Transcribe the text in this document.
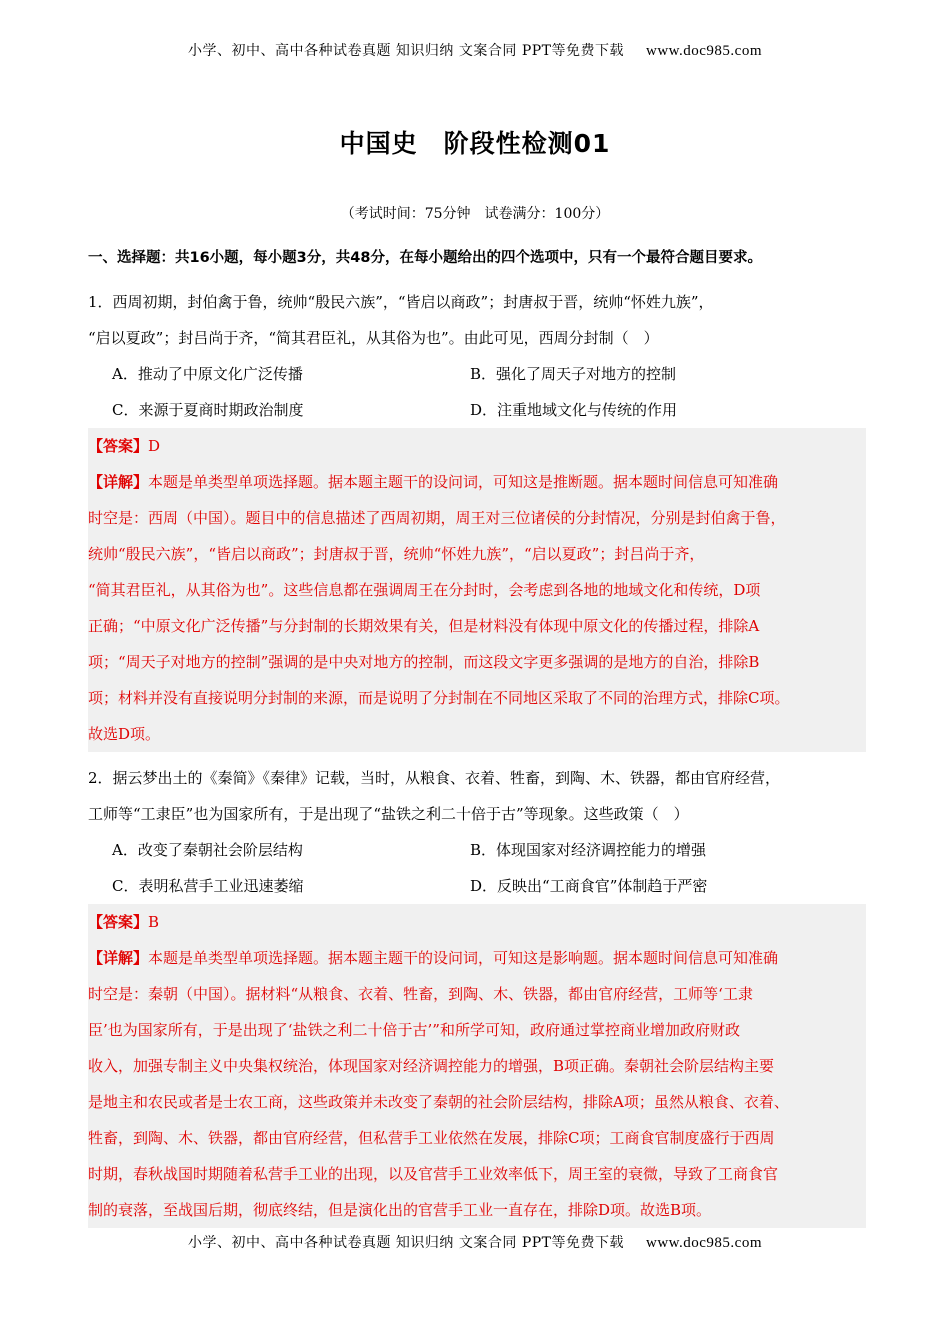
小学、初中、高中各种试卷真题 知识归纳 文案合同 PPT等免费下载 www.doc985.com
中国史　阶段性检测01
（考试时间：75分钟　试卷满分：100分）
一、选择题：共16小题，每小题3分，共48分，在每小题给出的四个选项中，只有一个最符合题目要求。
1．西周初期，封伯禽于鲁，统帅“殷民六族”，“皆启以商政”；封唐叔于晋，统帅“怀姓九族”，
“启以夏政”；封吕尚于齐，“简其君臣礼，从其俗为也”。由此可见，西周分封制（　）
A．推动了中原文化广泛传播	B．强化了周天子对地方的控制
C．来源于夏商时期政治制度	D．注重地域文化与传统的作用
【答案】D
【详解】本题是单类型单项选择题。据本题主题干的设问词，可知这是推断题。据本题时间信息可知准确
时空是：西周（中国）。题目中的信息描述了西周初期，周王对三位诸侯的分封情况，分别是封伯禽于鲁，
统帅“殷民六族”，“皆启以商政”；封唐叔于晋，统帅“怀姓九族”，“启以夏政”；封吕尚于齐，
“简其君臣礼，从其俗为也”。这些信息都在强调周王在分封时，会考虑到各地的地域文化和传统，D项
正确；“中原文化广泛传播”与分封制的长期效果有关，但是材料没有体现中原文化的传播过程，排除A
项；“周天子对地方的控制”强调的是中央对地方的控制，而这段文字更多强调的是地方的自治，排除B
项；材料并没有直接说明分封制的来源，而是说明了分封制在不同地区采取了不同的治理方式，排除C项。
故选D项。
2．据云梦出土的《秦简》《秦律》记载，当时，从粮食、衣着、牲畜，到陶、木、铁器，都由官府经营，
工师等“工隶臣”也为国家所有，于是出现了“盐铁之利二十倍于古”等现象。这些政策（　）
A．改变了秦朝社会阶层结构	B．体现国家对经济调控能力的增强
C．表明私营手工业迅速萎缩	D．反映出“工商食官”体制趋于严密
【答案】B
【详解】本题是单类型单项选择题。据本题主题干的设问词，可知这是影响题。据本题时间信息可知准确
时空是：秦朝（中国）。据材料“从粮食、衣着、牲畜，到陶、木、铁器，都由官府经营，工师等‘工隶
臣’也为国家所有，于是出现了‘盐铁之利二十倍于古’”和所学可知，政府通过掌控商业增加政府财政
收入，加强专制主义中央集权统治，体现国家对经济调控能力的增强，B项正确。秦朝社会阶层结构主要
是地主和农民或者是士农工商，这些政策并未改变了秦朝的社会阶层结构，排除A项；虽然从粮食、衣着、
牲畜，到陶、木、铁器，都由官府经营，但私营手工业依然在发展，排除C项；工商食官制度盛行于西周
时期，春秋战国时期随着私营手工业的出现，以及官营手工业效率低下，周王室的衰微，导致了工商食官
制的衰落，至战国后期，彻底终结，但是演化出的官营手工业一直存在，排除D项。故选B项。
小学、初中、高中各种试卷真题 知识归纳 文案合同 PPT等免费下载 www.doc985.com
